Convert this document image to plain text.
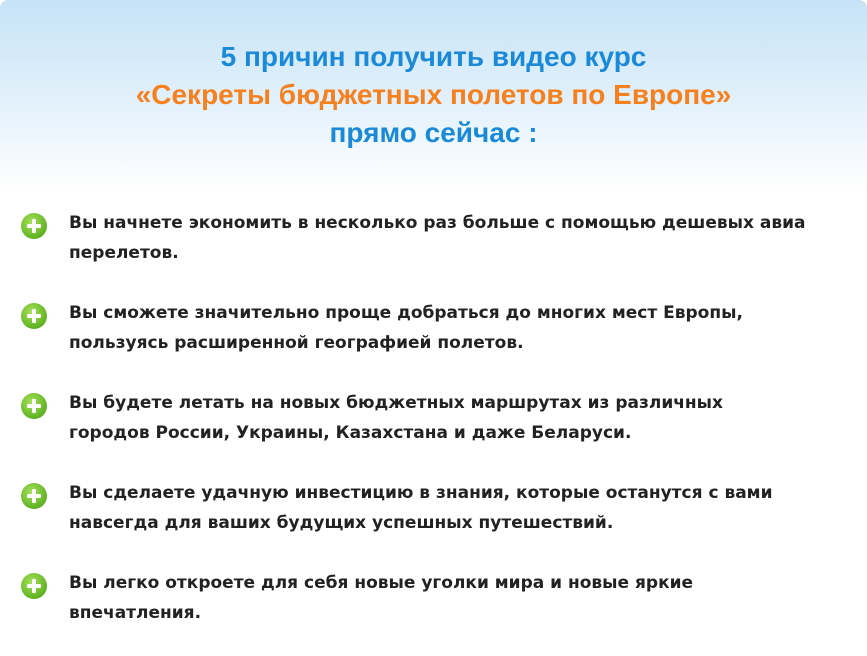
5 причин получить видео курс
«Секреты бюджетных полетов по Европе»
прямо сейчас :
Вы начнете экономить в несколько раз больше с помощью дешевых авиа перелетов.
Вы сможете значительно проще добраться до многих мест Европы, пользуясь расширенной географией полетов.
Вы будете летать на новых бюджетных маршрутах из различных городов России, Украины, Казахстана и даже Беларуси.
Вы сделаете удачную инвестицию в знания, которые останутся с вами навсегда для ваших будущих успешных путешествий.
Вы легко откроете для себя новые уголки мира и новые яркие впечатления.
